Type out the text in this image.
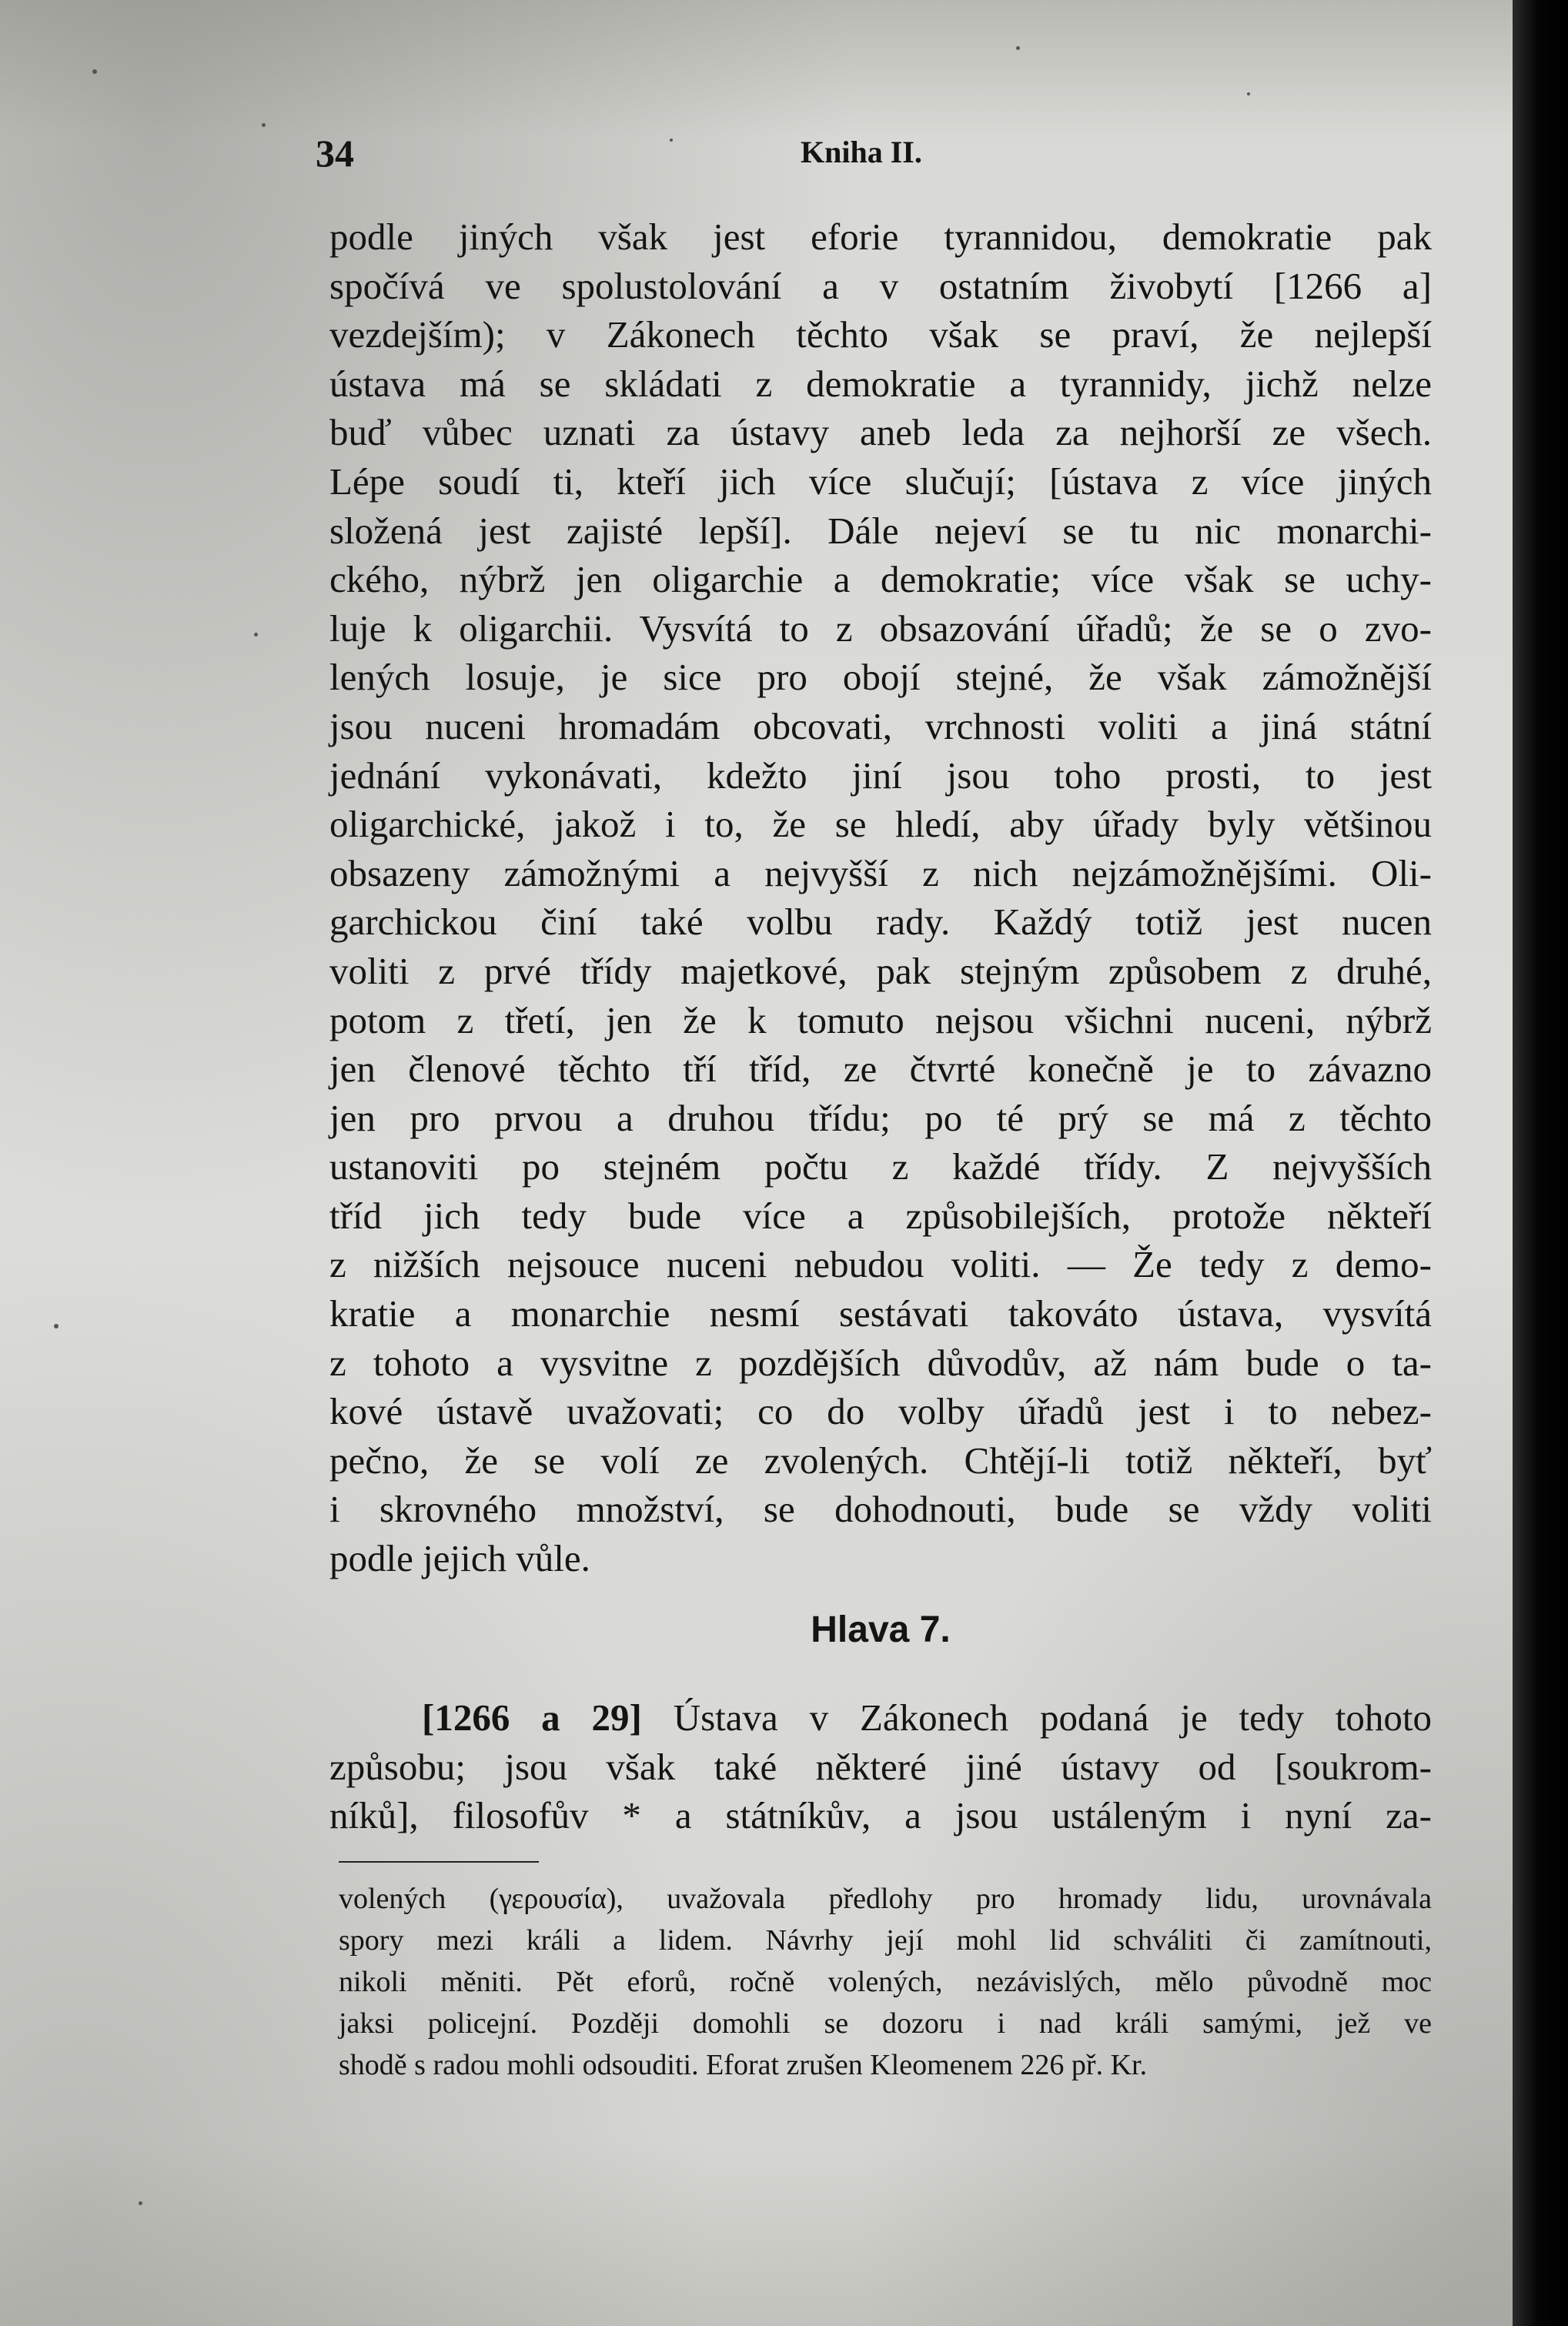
34	Kniha II.
podle jiných však jest eforie tyrannidou, demokratie pak
spočívá ve spolustolování a v ostatním živobytí [1266 a]
vezdejším); v Zákonech těchto však se praví, že nejlepší
ústava má se skládati z demokratie a tyrannidy, jichž nelze
buď vůbec uznati za ústavy aneb leda za nejhorší ze všech.
Lépe soudí ti, kteří jich více slučují; [ústava z více jiných
složená jest zajisté lepší]. Dále nejeví se tu nic monarchi-
ckého, nýbrž jen oligarchie a demokratie; více však se uchy-
luje k oligarchii. Vysvítá to z obsazování úřadů; že se o zvo-
lených losuje, je sice pro obojí stejné, že však zámožnější
jsou nuceni hromadám obcovati, vrchnosti voliti a jiná státní
jednání vykonávati, kdežto jiní jsou toho prosti, to jest
oligarchické, jakož i to, že se hledí, aby úřady byly většinou
obsazeny zámožnými a nejvyšší z nich nejzámožnějšími. Oli-
garchickou činí také volbu rady. Každý totiž jest nucen
voliti z prvé třídy majetkové, pak stejným způsobem z druhé,
potom z třetí, jen že k tomuto nejsou všichni nuceni, nýbrž
jen členové těchto tří tříd, ze čtvrté konečně je to závazno
jen pro prvou a druhou třídu; po té prý se má z těchto
ustanoviti po stejném počtu z každé třídy. Z nejvyšších
tříd jich tedy bude více a způsobilejších, protože někteří
z nižších nejsouce nuceni nebudou voliti. — Že tedy z demo-
kratie a monarchie nesmí sestávati takováto ústava, vysvítá
z tohoto a vysvitne z pozdějších důvodův, až nám bude o ta-
kové ústavě uvažovati; co do volby úřadů jest i to nebez-
pečno, že se volí ze zvolených. Chtějí-li totiž někteří, byť
i skrovného množství, se dohodnouti, bude se vždy voliti
podle jejich vůle.
Hlava 7.
[1266 a 29] Ústava v Zákonech podaná je tedy tohoto
způsobu; jsou však také některé jiné ústavy od [soukrom-
níků], filosofův * a státníkův, a jsou ustáleným i nyní za-
volených (γερουσία), uvažovala předlohy pro hromady lidu, urovnávala
spory mezi králi a lidem. Návrhy její mohl lid schváliti či zamítnouti,
nikoli měniti. Pět eforů, ročně volených, nezávislých, mělo původně moc
jaksi policejní. Později domohli se dozoru i nad králi samými, jež ve
shodě s radou mohli odsouditi. Eforat zrušen Kleomenem 226 př. Kr.
